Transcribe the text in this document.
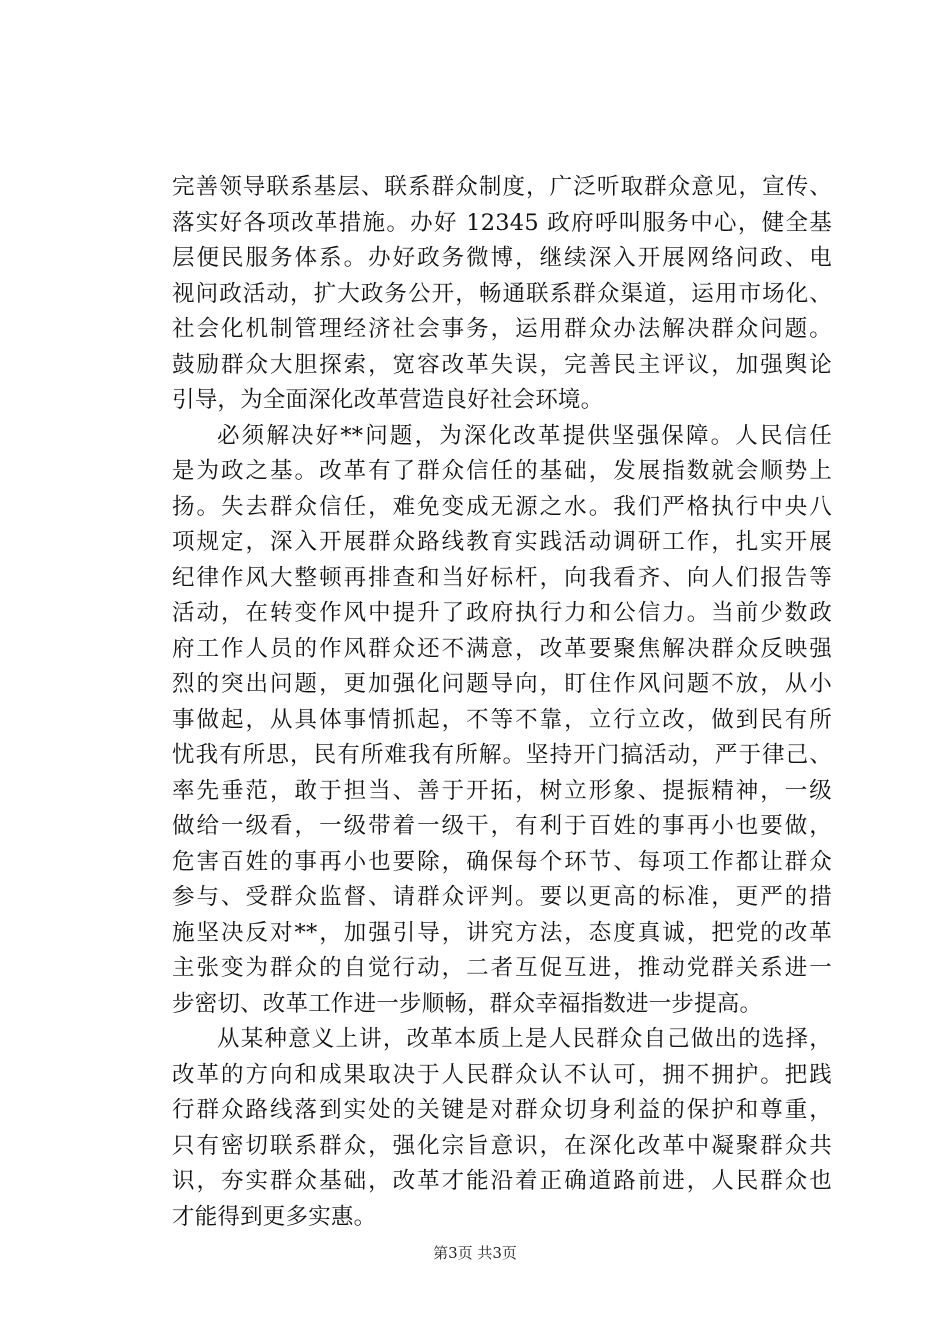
完善领导联系基层、联系群众制度，广泛听取群众意见，宣传、
落实好各项改革措施。办好 12345 政府呼叫服务中心，健全基
层便民服务体系。办好政务微博，继续深入开展网络问政、电
视问政活动，扩大政务公开，畅通联系群众渠道，运用市场化、
社会化机制管理经济社会事务，运用群众办法解决群众问题。
鼓励群众大胆探索，宽容改革失误，完善民主评议，加强舆论
引导，为全面深化改革营造良好社会环境。
必须解决好**问题，为深化改革提供坚强保障。人民信任
是为政之基。改革有了群众信任的基础，发展指数就会顺势上
扬。失去群众信任，难免变成无源之水。我们严格执行中央八
项规定，深入开展群众路线教育实践活动调研工作，扎实开展
纪律作风大整顿再排查和当好标杆，向我看齐、向人们报告等
活动，在转变作风中提升了政府执行力和公信力。当前少数政
府工作人员的作风群众还不满意，改革要聚焦解决群众反映强
烈的突出问题，更加强化问题导向，盯住作风问题不放，从小
事做起，从具体事情抓起，不等不靠，立行立改，做到民有所
忧我有所思，民有所难我有所解。坚持开门搞活动，严于律己、
率先垂范，敢于担当、善于开拓，树立形象、提振精神，一级
做给一级看，一级带着一级干，有利于百姓的事再小也要做，
危害百姓的事再小也要除，确保每个环节、每项工作都让群众
参与、受群众监督、请群众评判。要以更高的标准，更严的措
施坚决反对**，加强引导，讲究方法，态度真诚，把党的改革
主张变为群众的自觉行动，二者互促互进，推动党群关系进一
步密切、改革工作进一步顺畅，群众幸福指数进一步提高。
从某种意义上讲，改革本质上是人民群众自己做出的选择，
改革的方向和成果取决于人民群众认不认可，拥不拥护。把践
行群众路线落到实处的关键是对群众切身利益的保护和尊重，
只有密切联系群众，强化宗旨意识，在深化改革中凝聚群众共
识，夯实群众基础，改革才能沿着正确道路前进，人民群众也
才能得到更多实惠。
第3页 共3页
